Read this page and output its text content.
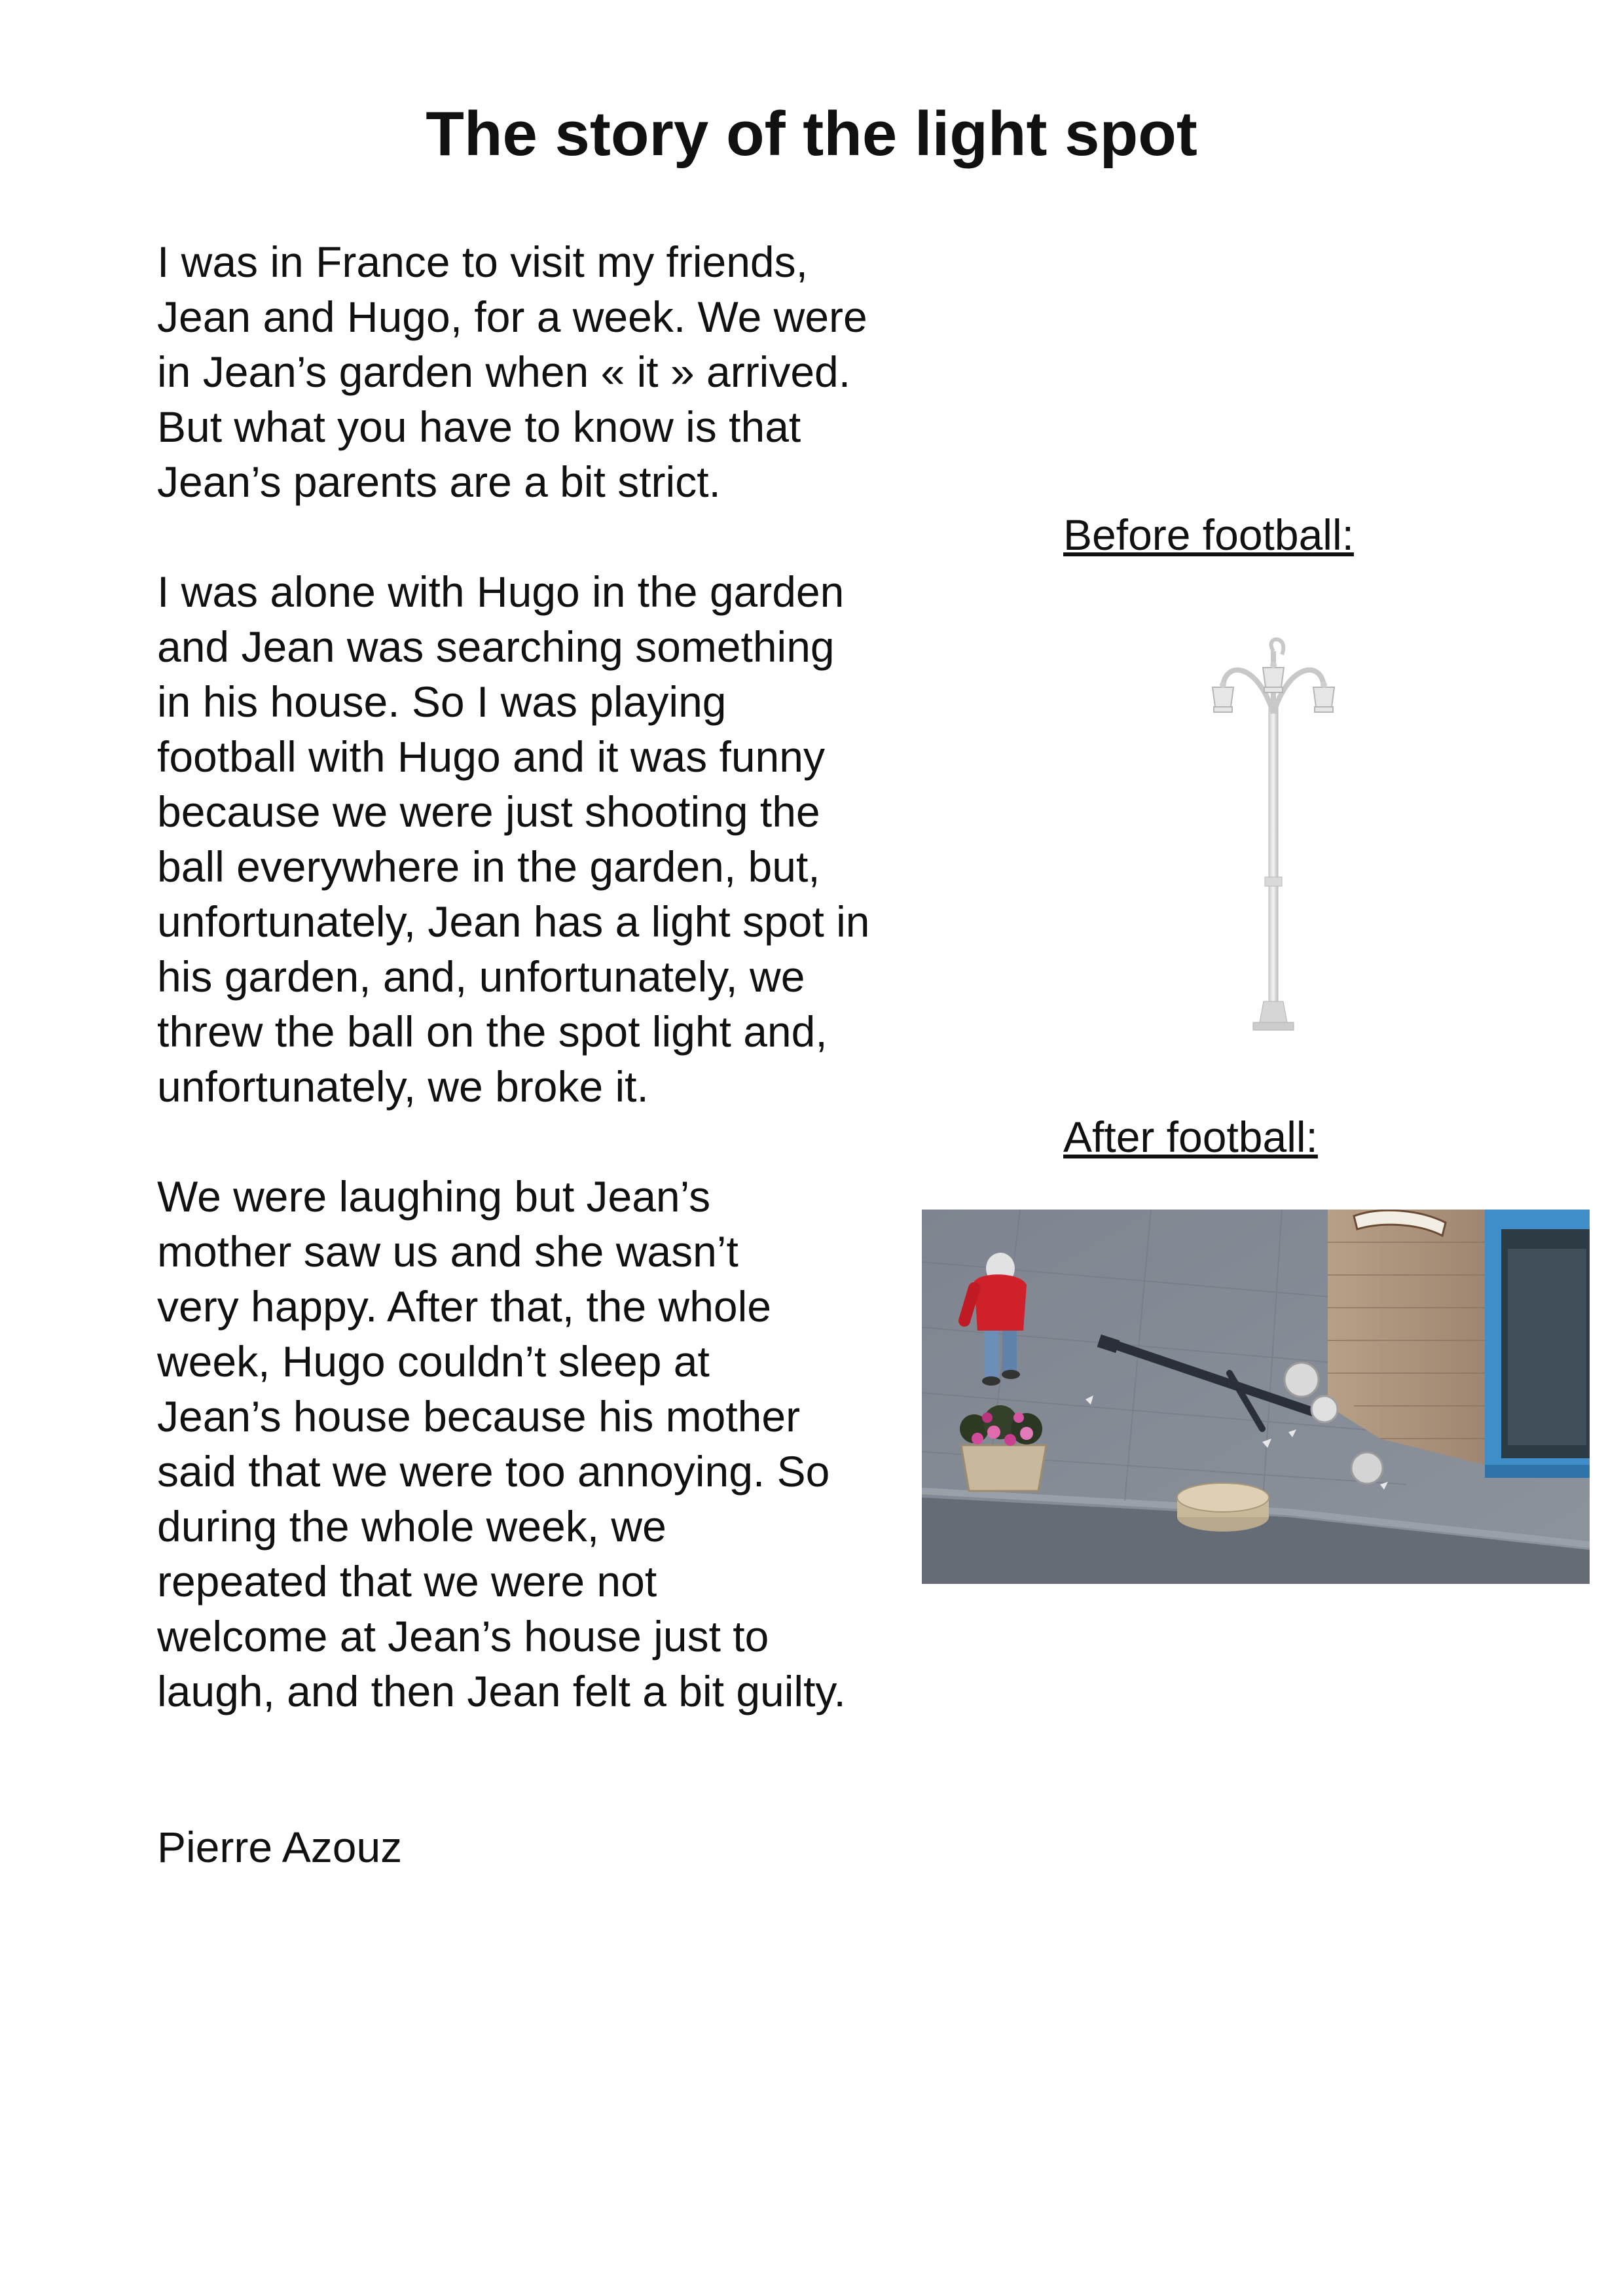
The story of the light spot

I was in France to visit my friends,
Jean and Hugo, for a week. We were
in Jean’s garden when « it » arrived.
But what you have to know is that
Jean’s parents are a bit strict.

I was alone with Hugo in the garden
and Jean was searching something
in his house. So I was playing
football with Hugo and it was funny
because we were just shooting the
ball everywhere in the garden, but,
unfortunately, Jean has a light spot in
his garden, and, unfortunately, we
threw the ball on the spot light and,
unfortunately, we broke it.

We were laughing but Jean’s
mother saw us and she wasn’t
very happy. After that, the whole
week, Hugo couldn’t sleep at
Jean’s house because his mother
said that we were too annoying. So
during the whole week, we
repeated that we were not
welcome at Jean’s house just to
laugh, and then Jean felt a bit guilty.

Pierre Azouz
Before football:
After football:
